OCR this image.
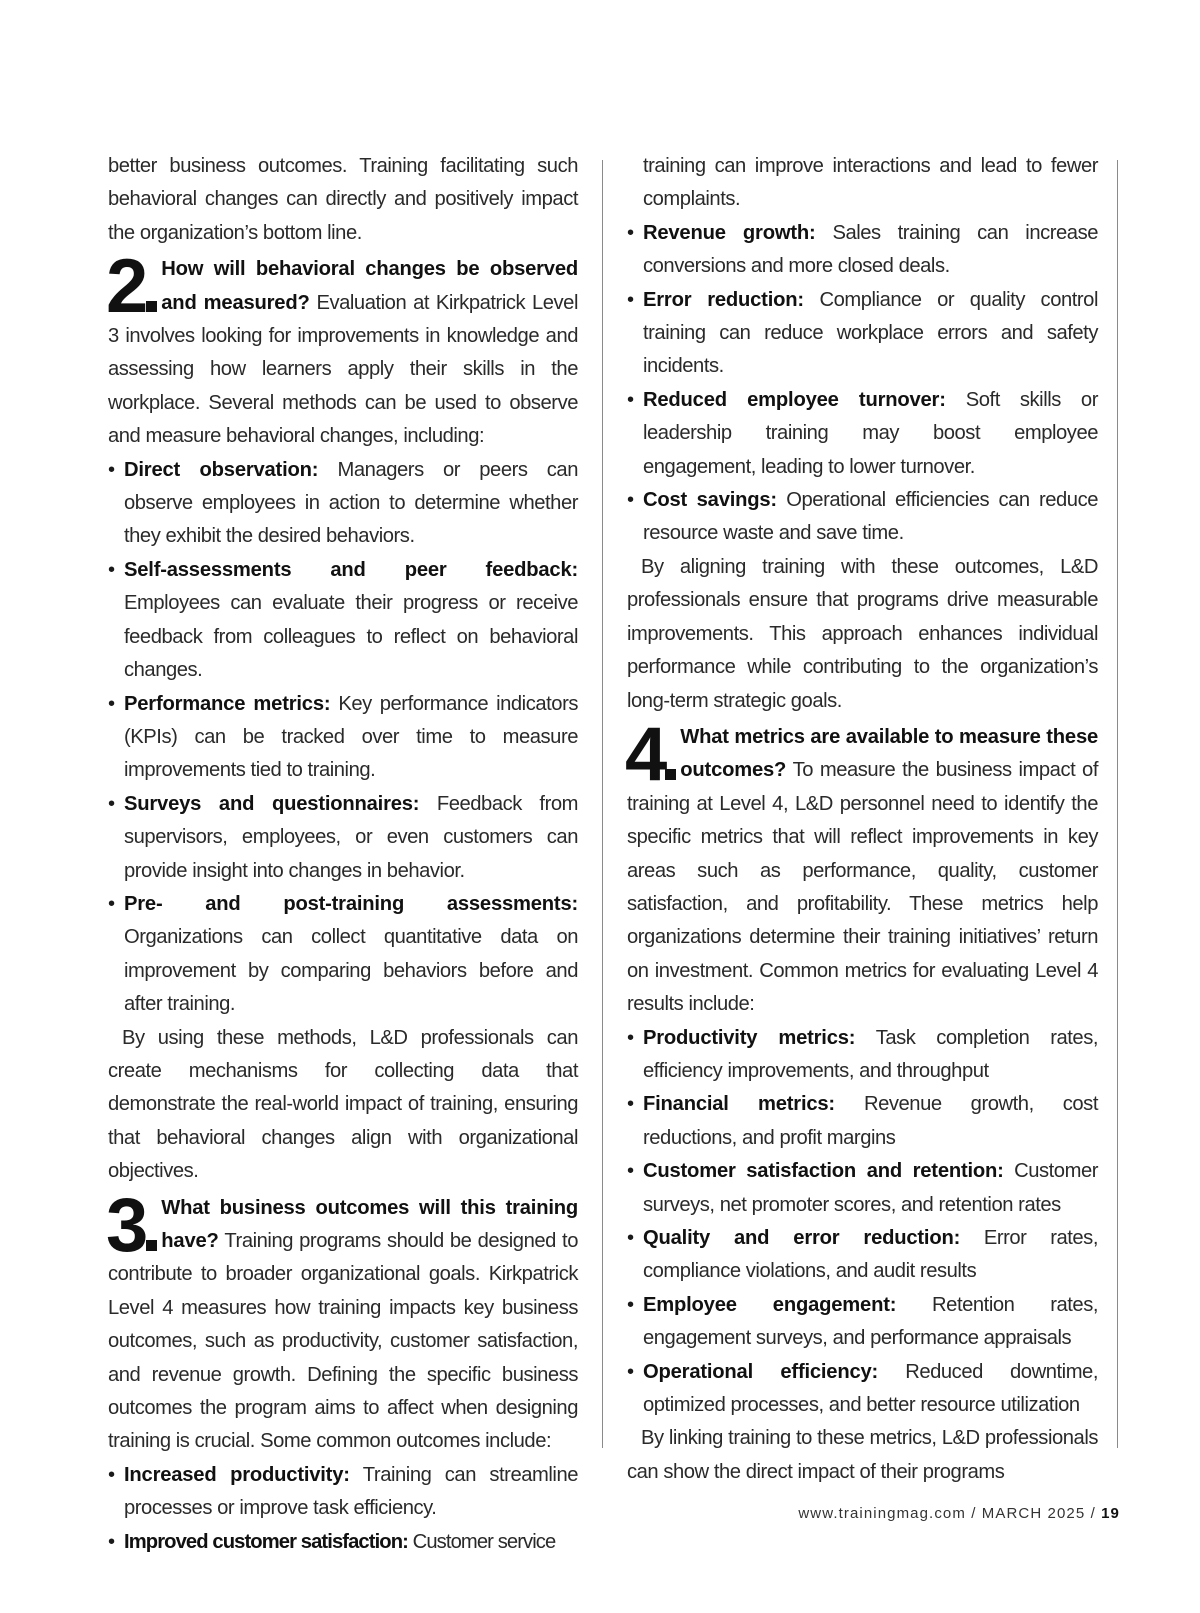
better business outcomes. Training facilitating such behavioral changes can directly and positively impact the organization’s bottom line.

2 How will behavioral changes be observed and measured? Evaluation at Kirkpatrick Level 3 involves looking for improvements in knowledge and assessing how learners apply their skills in the workplace. Several methods can be used to observe and measure behavioral changes, including:

• Direct observation: Managers or peers can observe employees in action to determine whether they exhibit the desired behaviors.
• Self-assessments and peer feedback: Employees can evaluate their progress or receive feedback from colleagues to reflect on behavioral changes.
• Performance metrics: Key performance indicators (KPIs) can be tracked over time to measure improvements tied to training.
• Surveys and questionnaires: Feedback from supervisors, employees, or even customers can provide insight into changes in behavior.
• Pre- and post-training assessments: Organizations can collect quantitative data on improvement by comparing behaviors before and after training.

By using these methods, L&D professionals can create mechanisms for collecting data that demonstrate the real-world impact of training, ensuring that behavioral changes align with organizational objectives.

3 What business outcomes will this training have? Training programs should be designed to contribute to broader organizational goals. Kirkpatrick Level 4 measures how training impacts key business outcomes, such as productivity, customer satisfaction, and revenue growth. Defining the specific business outcomes the program aims to affect when designing training is crucial. Some common outcomes include:

• Increased productivity: Training can streamline processes or improve task efficiency.
• Improved customer satisfaction: Customer service

training can improve interactions and lead to fewer complaints.

• Revenue growth: Sales training can increase conversions and more closed deals.
• Error reduction: Compliance or quality control training can reduce workplace errors and safety incidents.
• Reduced employee turnover: Soft skills or leadership training may boost employee engagement, leading to lower turnover.
• Cost savings: Operational efficiencies can reduce resource waste and save time.

By aligning training with these outcomes, L&D professionals ensure that programs drive measurable improvements. This approach enhances individual performance while contributing to the organization’s long-term strategic goals.

4 What metrics are available to measure these outcomes? To measure the business impact of training at Level 4, L&D personnel need to identify the specific metrics that will reflect improvements in key areas such as performance, quality, customer satisfaction, and profitability. These metrics help organizations determine their training initiatives’ return on investment. Common metrics for evaluating Level 4 results include:

• Productivity metrics: Task completion rates, efficiency improvements, and throughput
• Financial metrics: Revenue growth, cost reductions, and profit margins
• Customer satisfaction and retention: Customer surveys, net promoter scores, and retention rates
• Quality and error reduction: Error rates, compliance violations, and audit results
• Employee engagement: Retention rates, engagement surveys, and performance appraisals
• Operational efficiency: Reduced downtime, optimized processes, and better resource utilization

By linking training to these metrics, L&D professionals can show the direct impact of their programs

www.trainingmag.com / MARCH 2025 / 19
